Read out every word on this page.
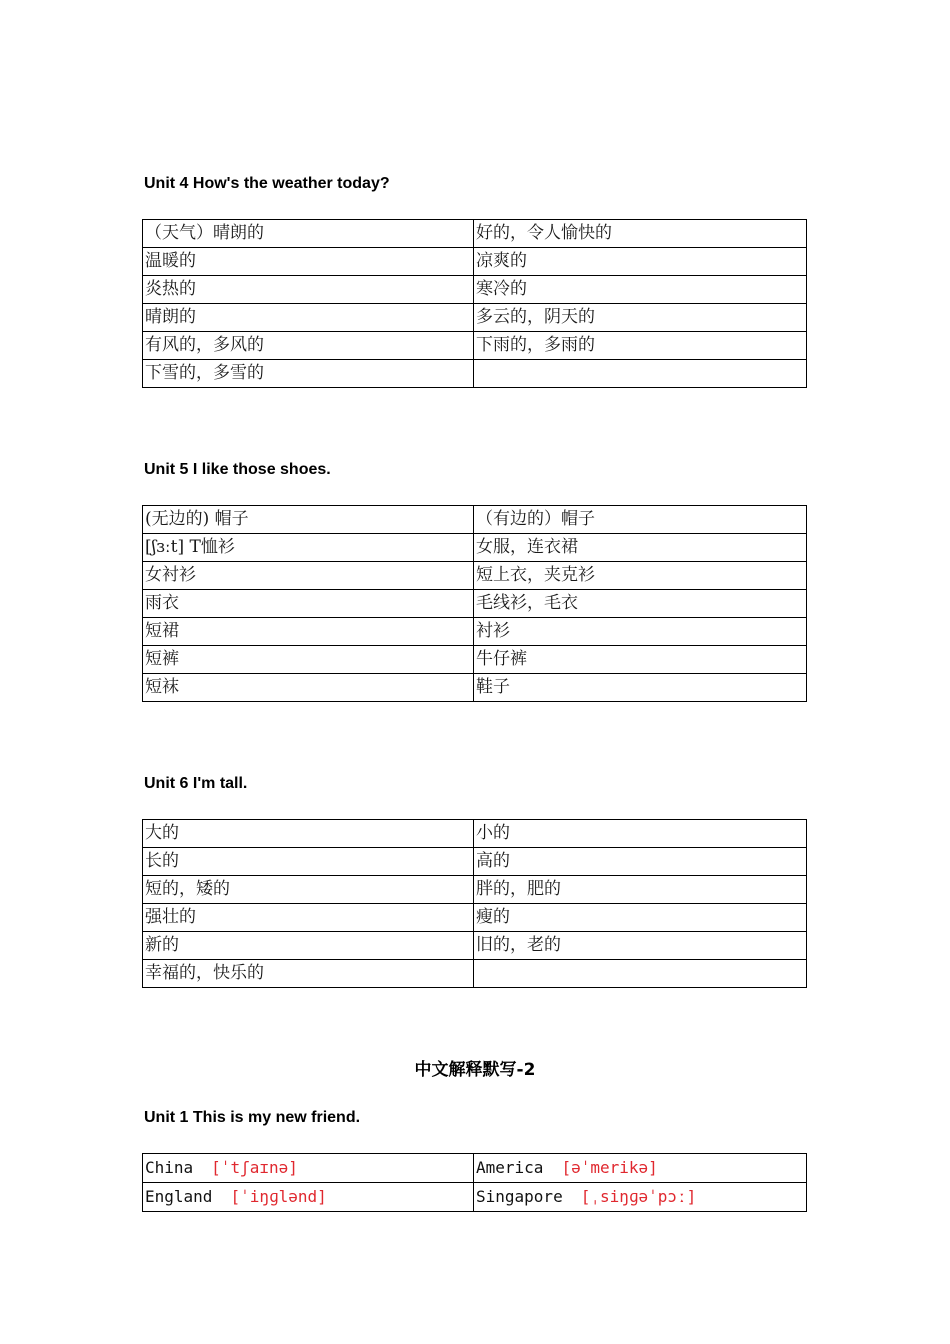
Unit 4 How's the weather today?
（天气）晴朗的	好的，令人愉快的
温暖的	凉爽的
炎热的	寒冷的
晴朗的	多云的，阴天的
有风的，多风的	下雨的，多雨的
下雪的，多雪的	
Unit 5 I like those shoes.
(无边的) 帽子	（有边的）帽子
[ʃɜːt] T恤衫	女服，连衣裙
女衬衫	短上衣，夹克衫
雨衣	毛线衫，毛衣
短裙	衬衫
短裤	牛仔裤
短袜	鞋子
Unit 6 I'm tall.
大的	小的
长的	高的
短的，矮的	胖的，肥的
强壮的	瘦的
新的	旧的，老的
幸福的，快乐的	
中文解释默写-2
Unit 1 This is my new friend.
China [ˈtʃaɪnə]	America [əˈmerikə]
England [ˈiŋɡlənd]	Singapore [ˌsiŋɡəˈpɔː]
